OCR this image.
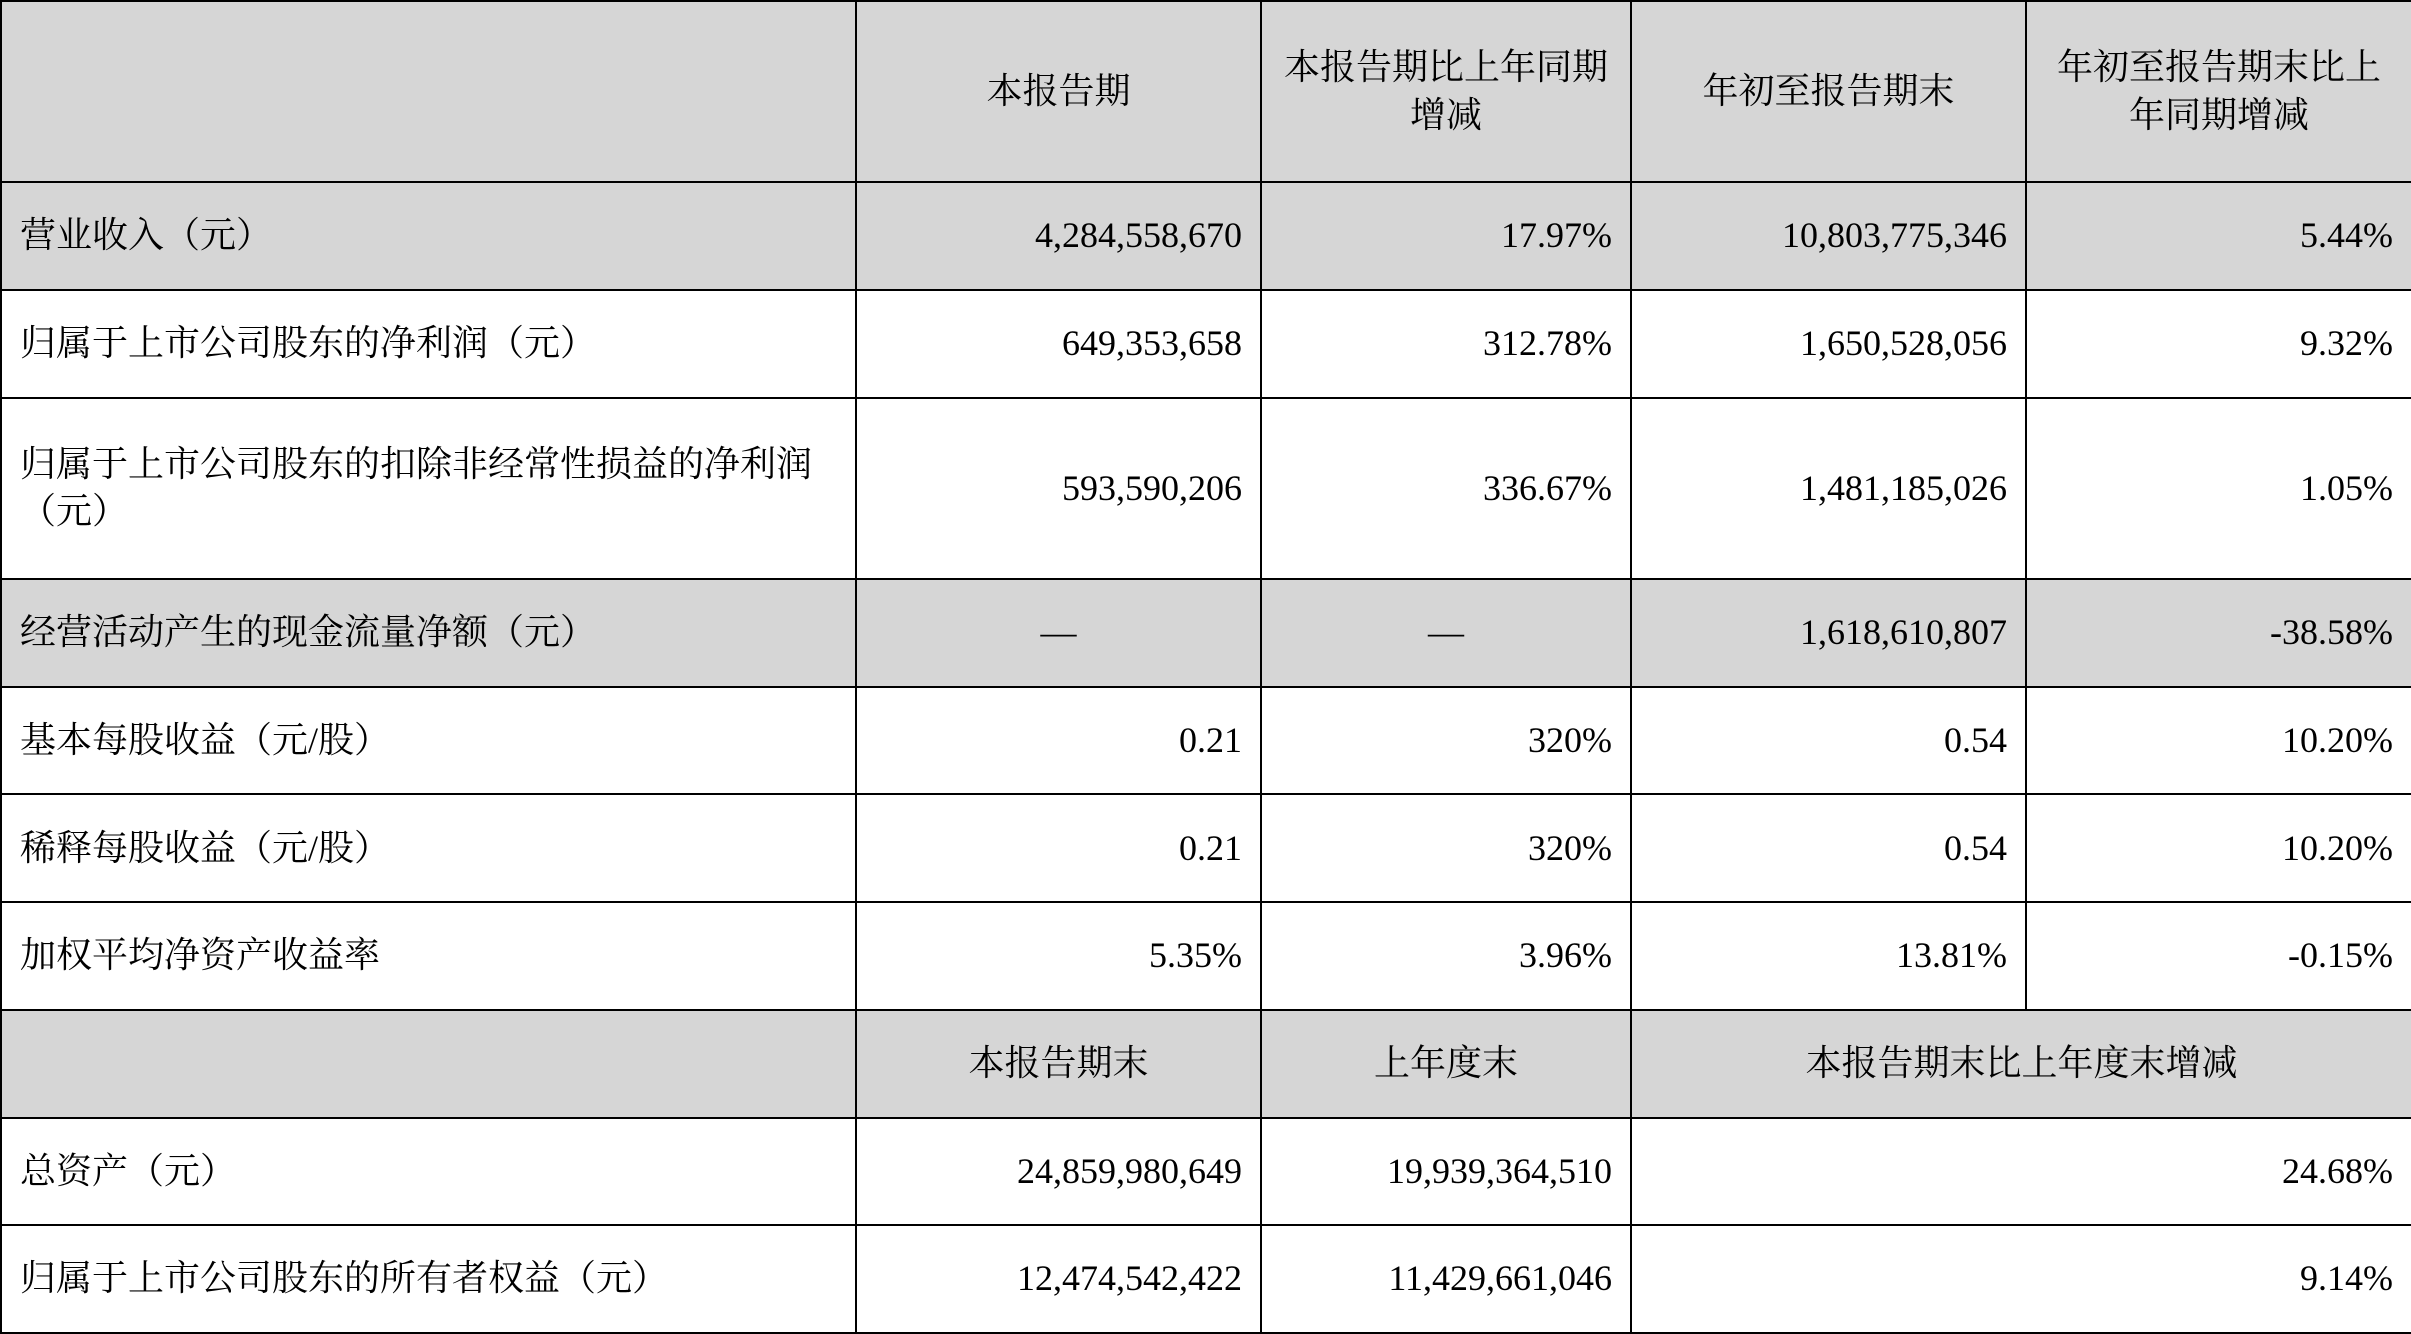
	本报告期	本报告期比上年同期增减	年初至报告期末	年初至报告期末比上年同期增减
营业收入（元）	4,284,558,670	17.97%	10,803,775,346	5.44%
归属于上市公司股东的净利润（元）	649,353,658	312.78%	1,650,528,056	9.32%
归属于上市公司股东的扣除非经常性损益的净利润（元）	593,590,206	336.67%	1,481,185,026	1.05%
经营活动产生的现金流量净额（元）	—	—	1,618,610,807	-38.58%
基本每股收益（元/股）	0.21	320%	0.54	10.20%
稀释每股收益（元/股）	0.21	320%	0.54	10.20%
加权平均净资产收益率	5.35%	3.96%	13.81%	-0.15%
	本报告期末	上年度末	本报告期末比上年度末增减	
总资产（元）	24,859,980,649	19,939,364,510	24.68%	
归属于上市公司股东的所有者权益（元）	12,474,542,422	11,429,661,046	9.14%	
